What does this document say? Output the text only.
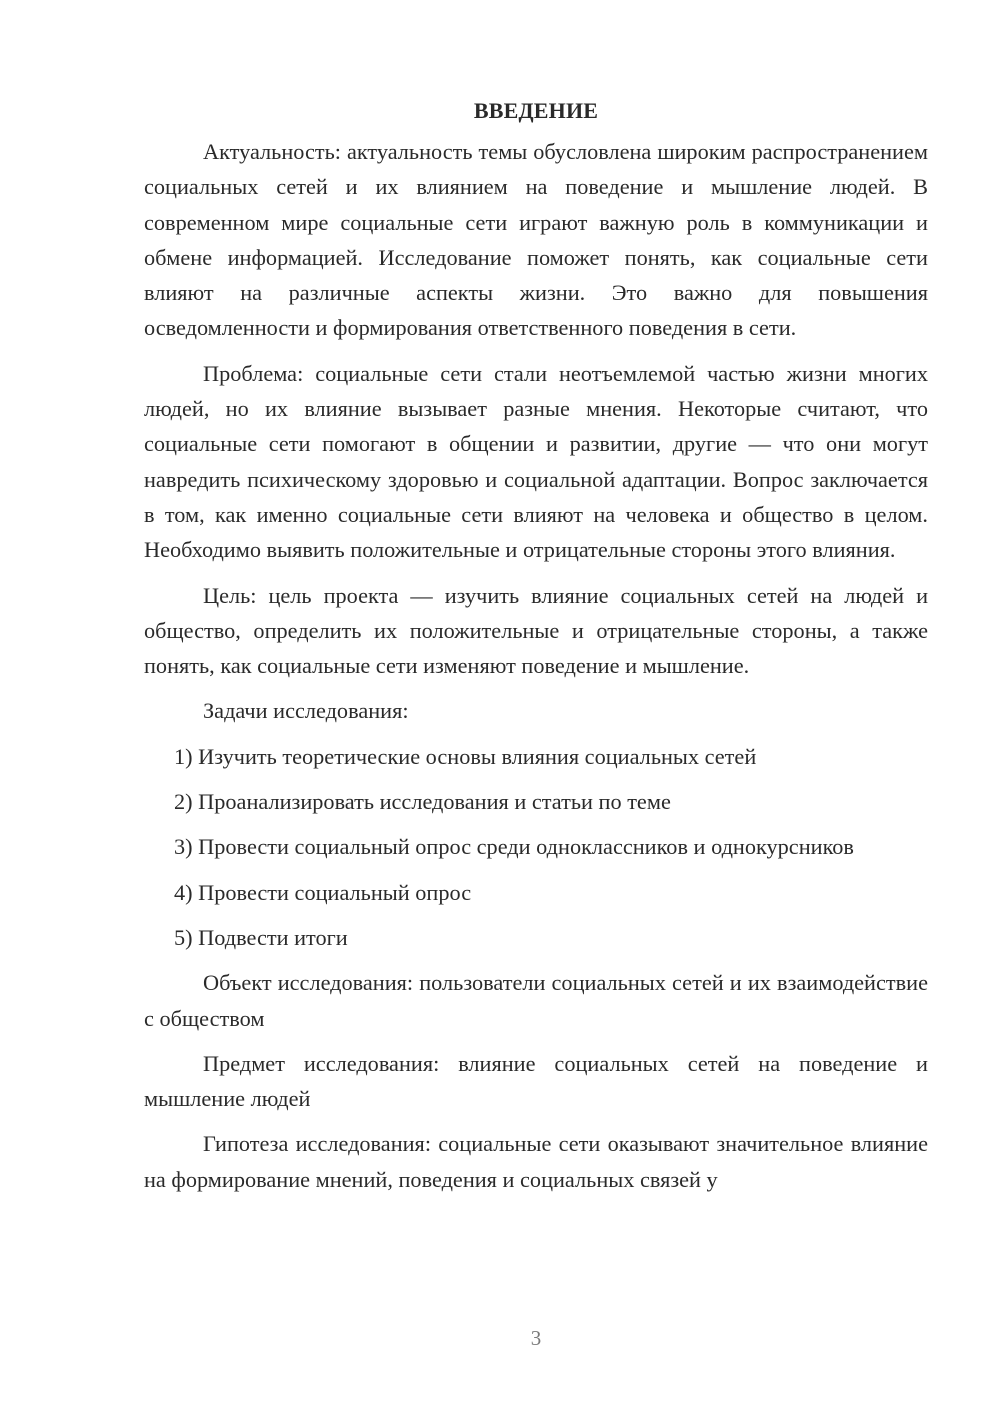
ВВЕДЕНИЕ

Актуальность: актуальность темы обусловлена широким распространением социальных сетей и их влиянием на поведение и мышление людей. В современном мире социальные сети играют важную роль в коммуникации и обмене информацией. Исследование поможет понять, как социальные сети влияют на различные аспекты жизни. Это важно для повышения осведомленности и формирования ответственного поведения в сети.

Проблема: социальные сети стали неотъемлемой частью жизни многих людей, но их влияние вызывает разные мнения. Некоторые считают, что социальные сети помогают в общении и развитии, другие — что они могут навредить психическому здоровью и социальной адаптации. Вопрос заключается в том, как именно социальные сети влияют на человека и общество в целом. Необходимо выявить положительные и отрицательные стороны этого влияния.

Цель: цель проекта — изучить влияние социальных сетей на людей и общество, определить их положительные и отрицательные стороны, а также понять, как социальные сети изменяют поведение и мышление.

Задачи исследования:

1) Изучить теоретические основы влияния социальных сетей

2) Проанализировать исследования и статьи по теме

3) Провести социальный опрос среди одноклассников и однокурсников

4) Провести социальный опрос

5) Подвести итоги

Объект исследования: пользователи социальных сетей и их взаимодействие с обществом

Предмет исследования: влияние социальных сетей на поведение и мышление людей

Гипотеза исследования: социальные сети оказывают значительное влияние на формирование мнений, поведения и социальных связей у

3
